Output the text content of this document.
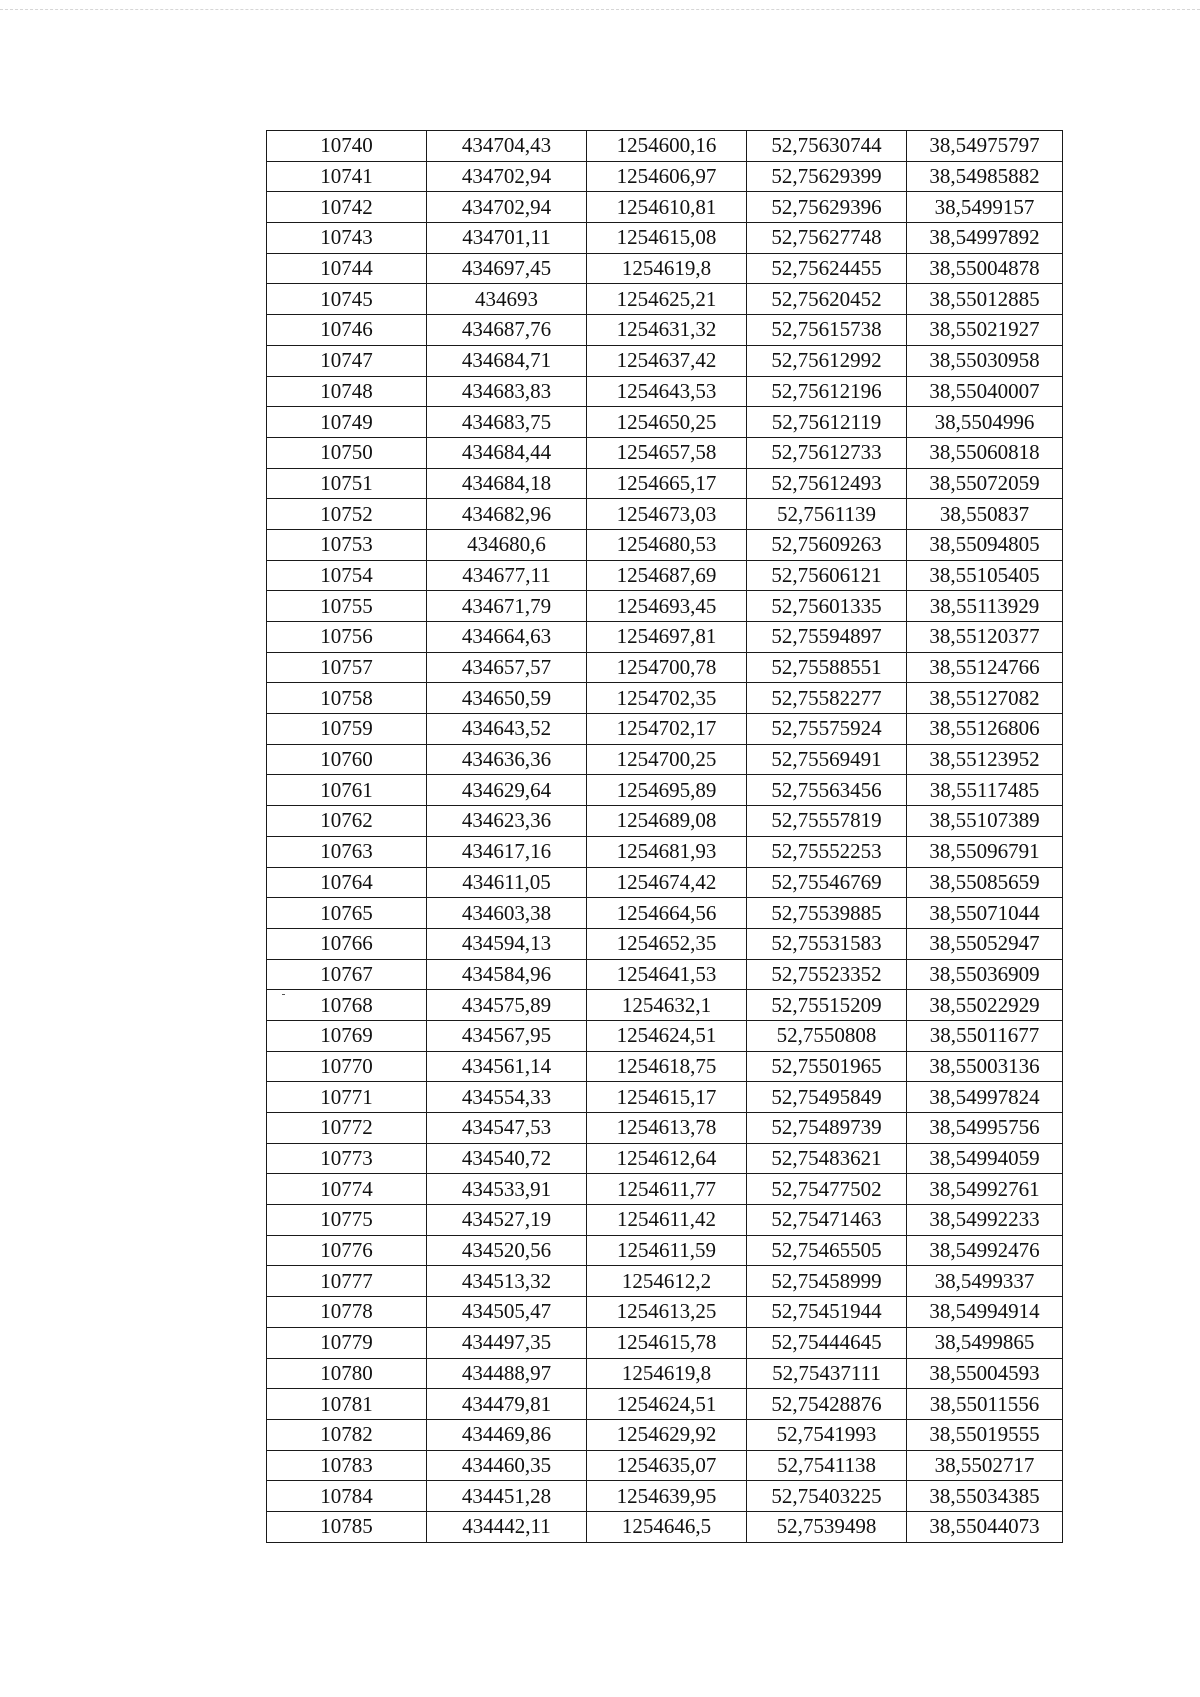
10740	434704,43	1254600,16	52,75630744	38,54975797
10741	434702,94	1254606,97	52,75629399	38,54985882
10742	434702,94	1254610,81	52,75629396	38,5499157
10743	434701,11	1254615,08	52,75627748	38,54997892
10744	434697,45	1254619,8	52,75624455	38,55004878
10745	434693	1254625,21	52,75620452	38,55012885
10746	434687,76	1254631,32	52,75615738	38,55021927
10747	434684,71	1254637,42	52,75612992	38,55030958
10748	434683,83	1254643,53	52,75612196	38,55040007
10749	434683,75	1254650,25	52,75612119	38,5504996
10750	434684,44	1254657,58	52,75612733	38,55060818
10751	434684,18	1254665,17	52,75612493	38,55072059
10752	434682,96	1254673,03	52,7561139	38,550837
10753	434680,6	1254680,53	52,75609263	38,55094805
10754	434677,11	1254687,69	52,75606121	38,55105405
10755	434671,79	1254693,45	52,75601335	38,55113929
10756	434664,63	1254697,81	52,75594897	38,55120377
10757	434657,57	1254700,78	52,75588551	38,55124766
10758	434650,59	1254702,35	52,75582277	38,55127082
10759	434643,52	1254702,17	52,75575924	38,55126806
10760	434636,36	1254700,25	52,75569491	38,55123952
10761	434629,64	1254695,89	52,75563456	38,55117485
10762	434623,36	1254689,08	52,75557819	38,55107389
10763	434617,16	1254681,93	52,75552253	38,55096791
10764	434611,05	1254674,42	52,75546769	38,55085659
10765	434603,38	1254664,56	52,75539885	38,55071044
10766	434594,13	1254652,35	52,75531583	38,55052947
10767	434584,96	1254641,53	52,75523352	38,55036909
10768	434575,89	1254632,1	52,75515209	38,55022929
10769	434567,95	1254624,51	52,7550808	38,55011677
10770	434561,14	1254618,75	52,75501965	38,55003136
10771	434554,33	1254615,17	52,75495849	38,54997824
10772	434547,53	1254613,78	52,75489739	38,54995756
10773	434540,72	1254612,64	52,75483621	38,54994059
10774	434533,91	1254611,77	52,75477502	38,54992761
10775	434527,19	1254611,42	52,75471463	38,54992233
10776	434520,56	1254611,59	52,75465505	38,54992476
10777	434513,32	1254612,2	52,75458999	38,5499337
10778	434505,47	1254613,25	52,75451944	38,54994914
10779	434497,35	1254615,78	52,75444645	38,5499865
10780	434488,97	1254619,8	52,75437111	38,55004593
10781	434479,81	1254624,51	52,75428876	38,55011556
10782	434469,86	1254629,92	52,7541993	38,55019555
10783	434460,35	1254635,07	52,7541138	38,5502717
10784	434451,28	1254639,95	52,75403225	38,55034385
10785	434442,11	1254646,5	52,7539498	38,55044073
